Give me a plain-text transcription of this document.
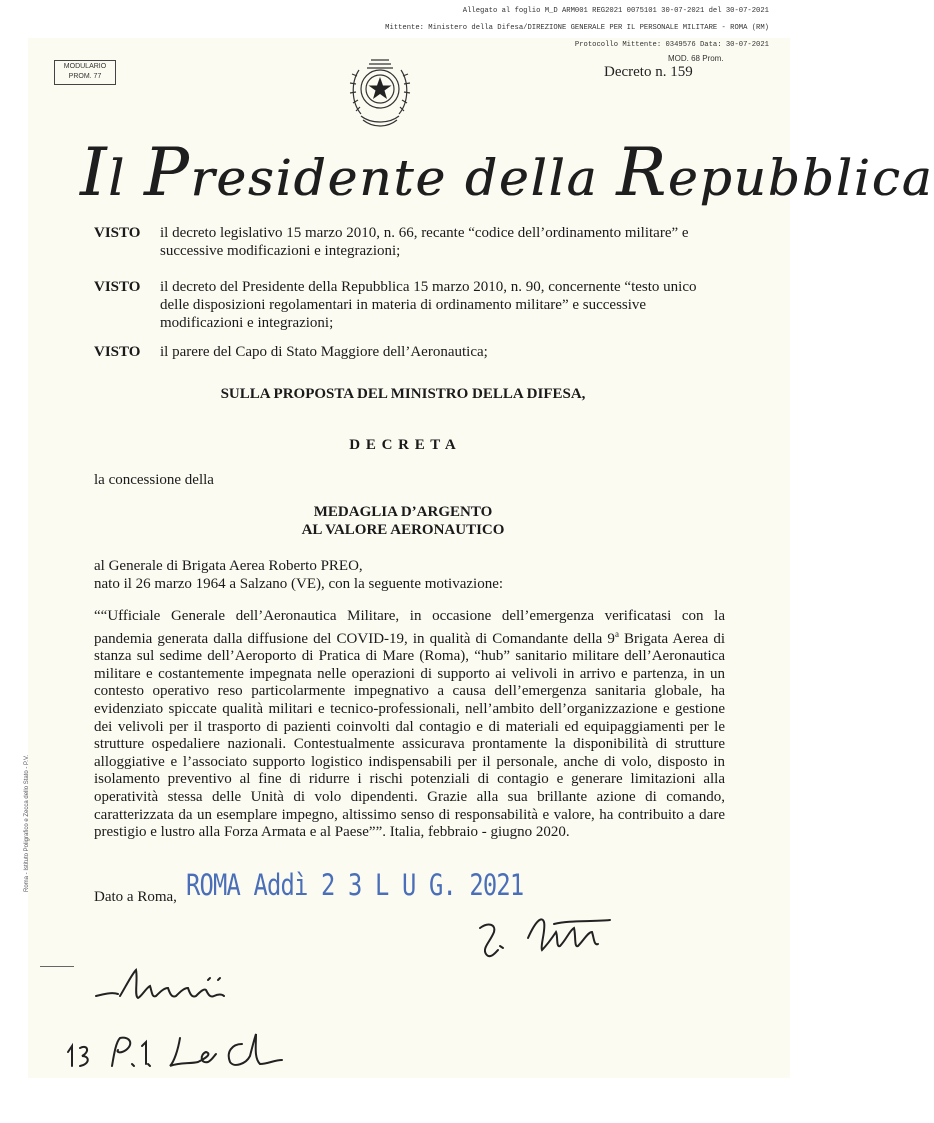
Allegato al foglio M_D ARM001 REG2021 0075101 30-07-2021 del 30-07-2021
Mittente: Ministero della Difesa/DIREZIONE GENERALE PER IL PERSONALE MILITARE - ROMA (RM)
Protocollo Mittente: 0349576 Data: 30-07-2021
MODULARIO
PROM. 77
MOD. 68 Prom.
Decreto n. 159
Il Presidente della Repubblica
VISTO il decreto legislativo 15 marzo 2010, n. 66, recante “codice dell’ordinamento militare” e successive modificazioni e integrazioni;
VISTO il decreto del Presidente della Repubblica 15 marzo 2010, n. 90, concernente “testo unico delle disposizioni regolamentari in materia di ordinamento militare” e successive modificazioni e integrazioni;
VISTO il parere del Capo di Stato Maggiore dell’Aeronautica;
SULLA PROPOSTA DEL MINISTRO DELLA DIFESA,
D E C R E T A
la concessione della
MEDAGLIA D’ARGENTO
AL VALORE AERONAUTICO
al Generale di Brigata Aerea Roberto PREO,
nato il 26 marzo 1964 a Salzano (VE), con la seguente motivazione:
““Ufficiale Generale dell’Aeronautica Militare, in occasione dell’emergenza verificatasi con la pandemia generata dalla diffusione del COVID-19, in qualità di Comandante della 9$^a$ Brigata Aerea di stanza sul sedime dell’Aeroporto di Pratica di Mare (Roma), “hub” sanitario militare dell’Aeronautica militare e costantemente impegnata nelle operazioni di supporto ai velivoli in arrivo e partenza, in un contesto operativo reso particolarmente impegnativo a causa dell’emergenza sanitaria globale, ha evidenziato spiccate qualità militari e tecnico-professionali, nell’ambito dell’organizzazione e gestione dei velivoli per il trasporto di pazienti coinvolti dal contagio e di materiali ed equipaggiamenti per le strutture ospedaliere nazionali. Contestualmente assicurava prontamente la disponibilità di strutture alloggiative e l’associato supporto logistico indispensabili per il personale, anche di volo, disposto in isolamento preventivo al fine di ridurre i rischi potenziali di contagio e generare limitazioni alla operatività stessa delle Unità di volo dipendenti. Grazie alla sua brillante azione di comando, caratterizzata da un esemplare impegno, altissimo senso di responsabilità e valore, ha contribuito a dare prestigio e lustro alla Forza Armata e al Paese””. Italia, febbraio - giugno 2020.
Dato a Roma, ROMA Addì 2 3 L U G. 2021
Roma - Istituto Poligrafico e Zecca dello Stato - P.V.
